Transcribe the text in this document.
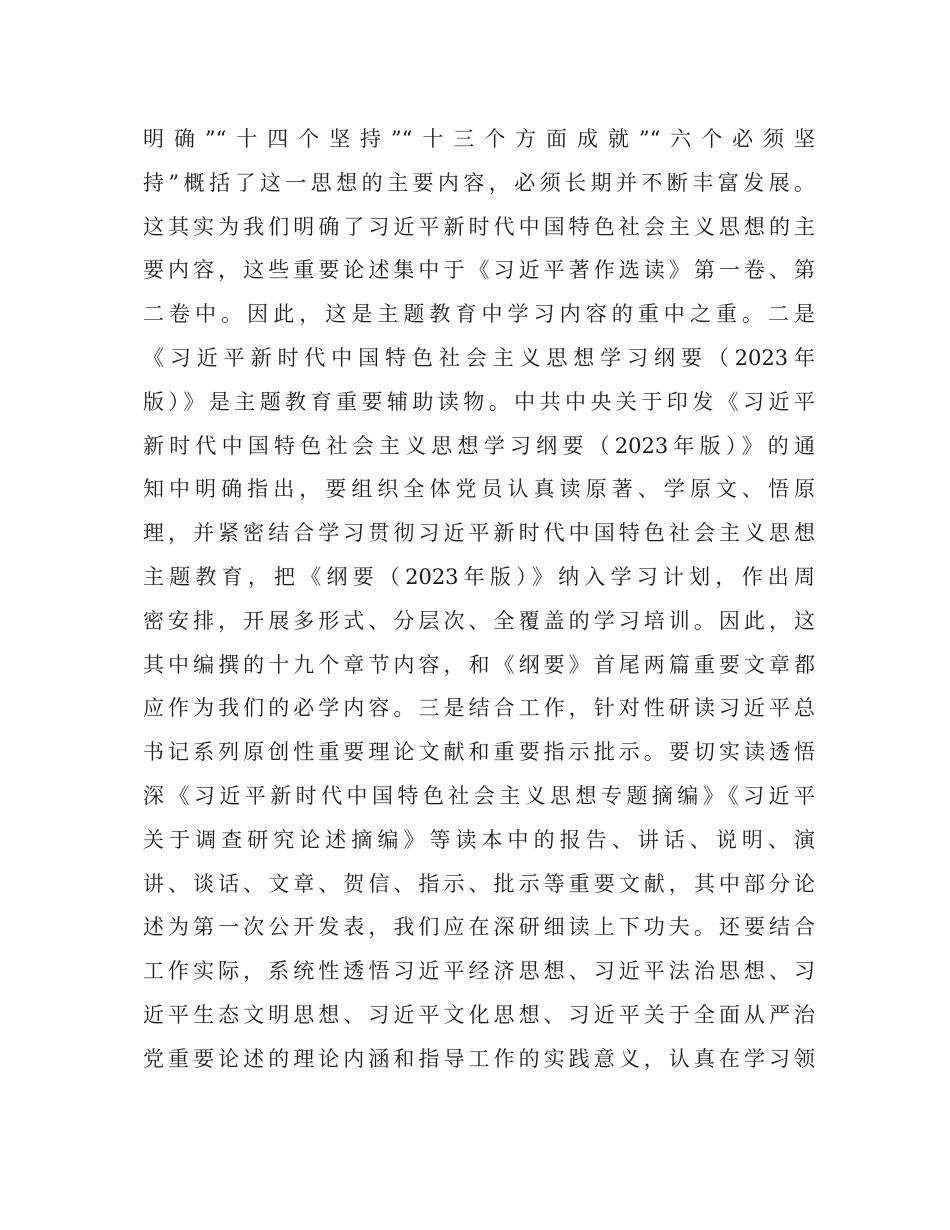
明确”“十四个坚持”“十三个方面成就”“六个必须坚
持”概括了这一思想的主要内容，必须长期并不断丰富发展。
这其实为我们明确了习近平新时代中国特色社会主义思想的主
要内容，这些重要论述集中于《习近平著作选读》第一卷、第
二卷中。因此，这是主题教育中学习内容的重中之重。二是
《习近平新时代中国特色社会主义思想学习纲要（2023年
版）》是主题教育重要辅助读物。中共中央关于印发《习近平
新时代中国特色社会主义思想学习纲要（2023年版）》的通
知中明确指出，要组织全体党员认真读原著、学原文、悟原
理，并紧密结合学习贯彻习近平新时代中国特色社会主义思想
主题教育，把《纲要（2023年版）》纳入学习计划，作出周
密安排，开展多形式、分层次、全覆盖的学习培训。因此，这
其中编撰的十九个章节内容，和《纲要》首尾两篇重要文章都
应作为我们的必学内容。三是结合工作，针对性研读习近平总
书记系列原创性重要理论文献和重要指示批示。要切实读透悟
深《习近平新时代中国特色社会主义思想专题摘编》《习近平
关于调查研究论述摘编》等读本中的报告、讲话、说明、演
讲、谈话、文章、贺信、指示、批示等重要文献，其中部分论
述为第一次公开发表，我们应在深研细读上下功夫。还要结合
工作实际，系统性透悟习近平经济思想、习近平法治思想、习
近平生态文明思想、习近平文化思想、习近平关于全面从严治
党重要论述的理论内涵和指导工作的实践意义，认真在学习领
